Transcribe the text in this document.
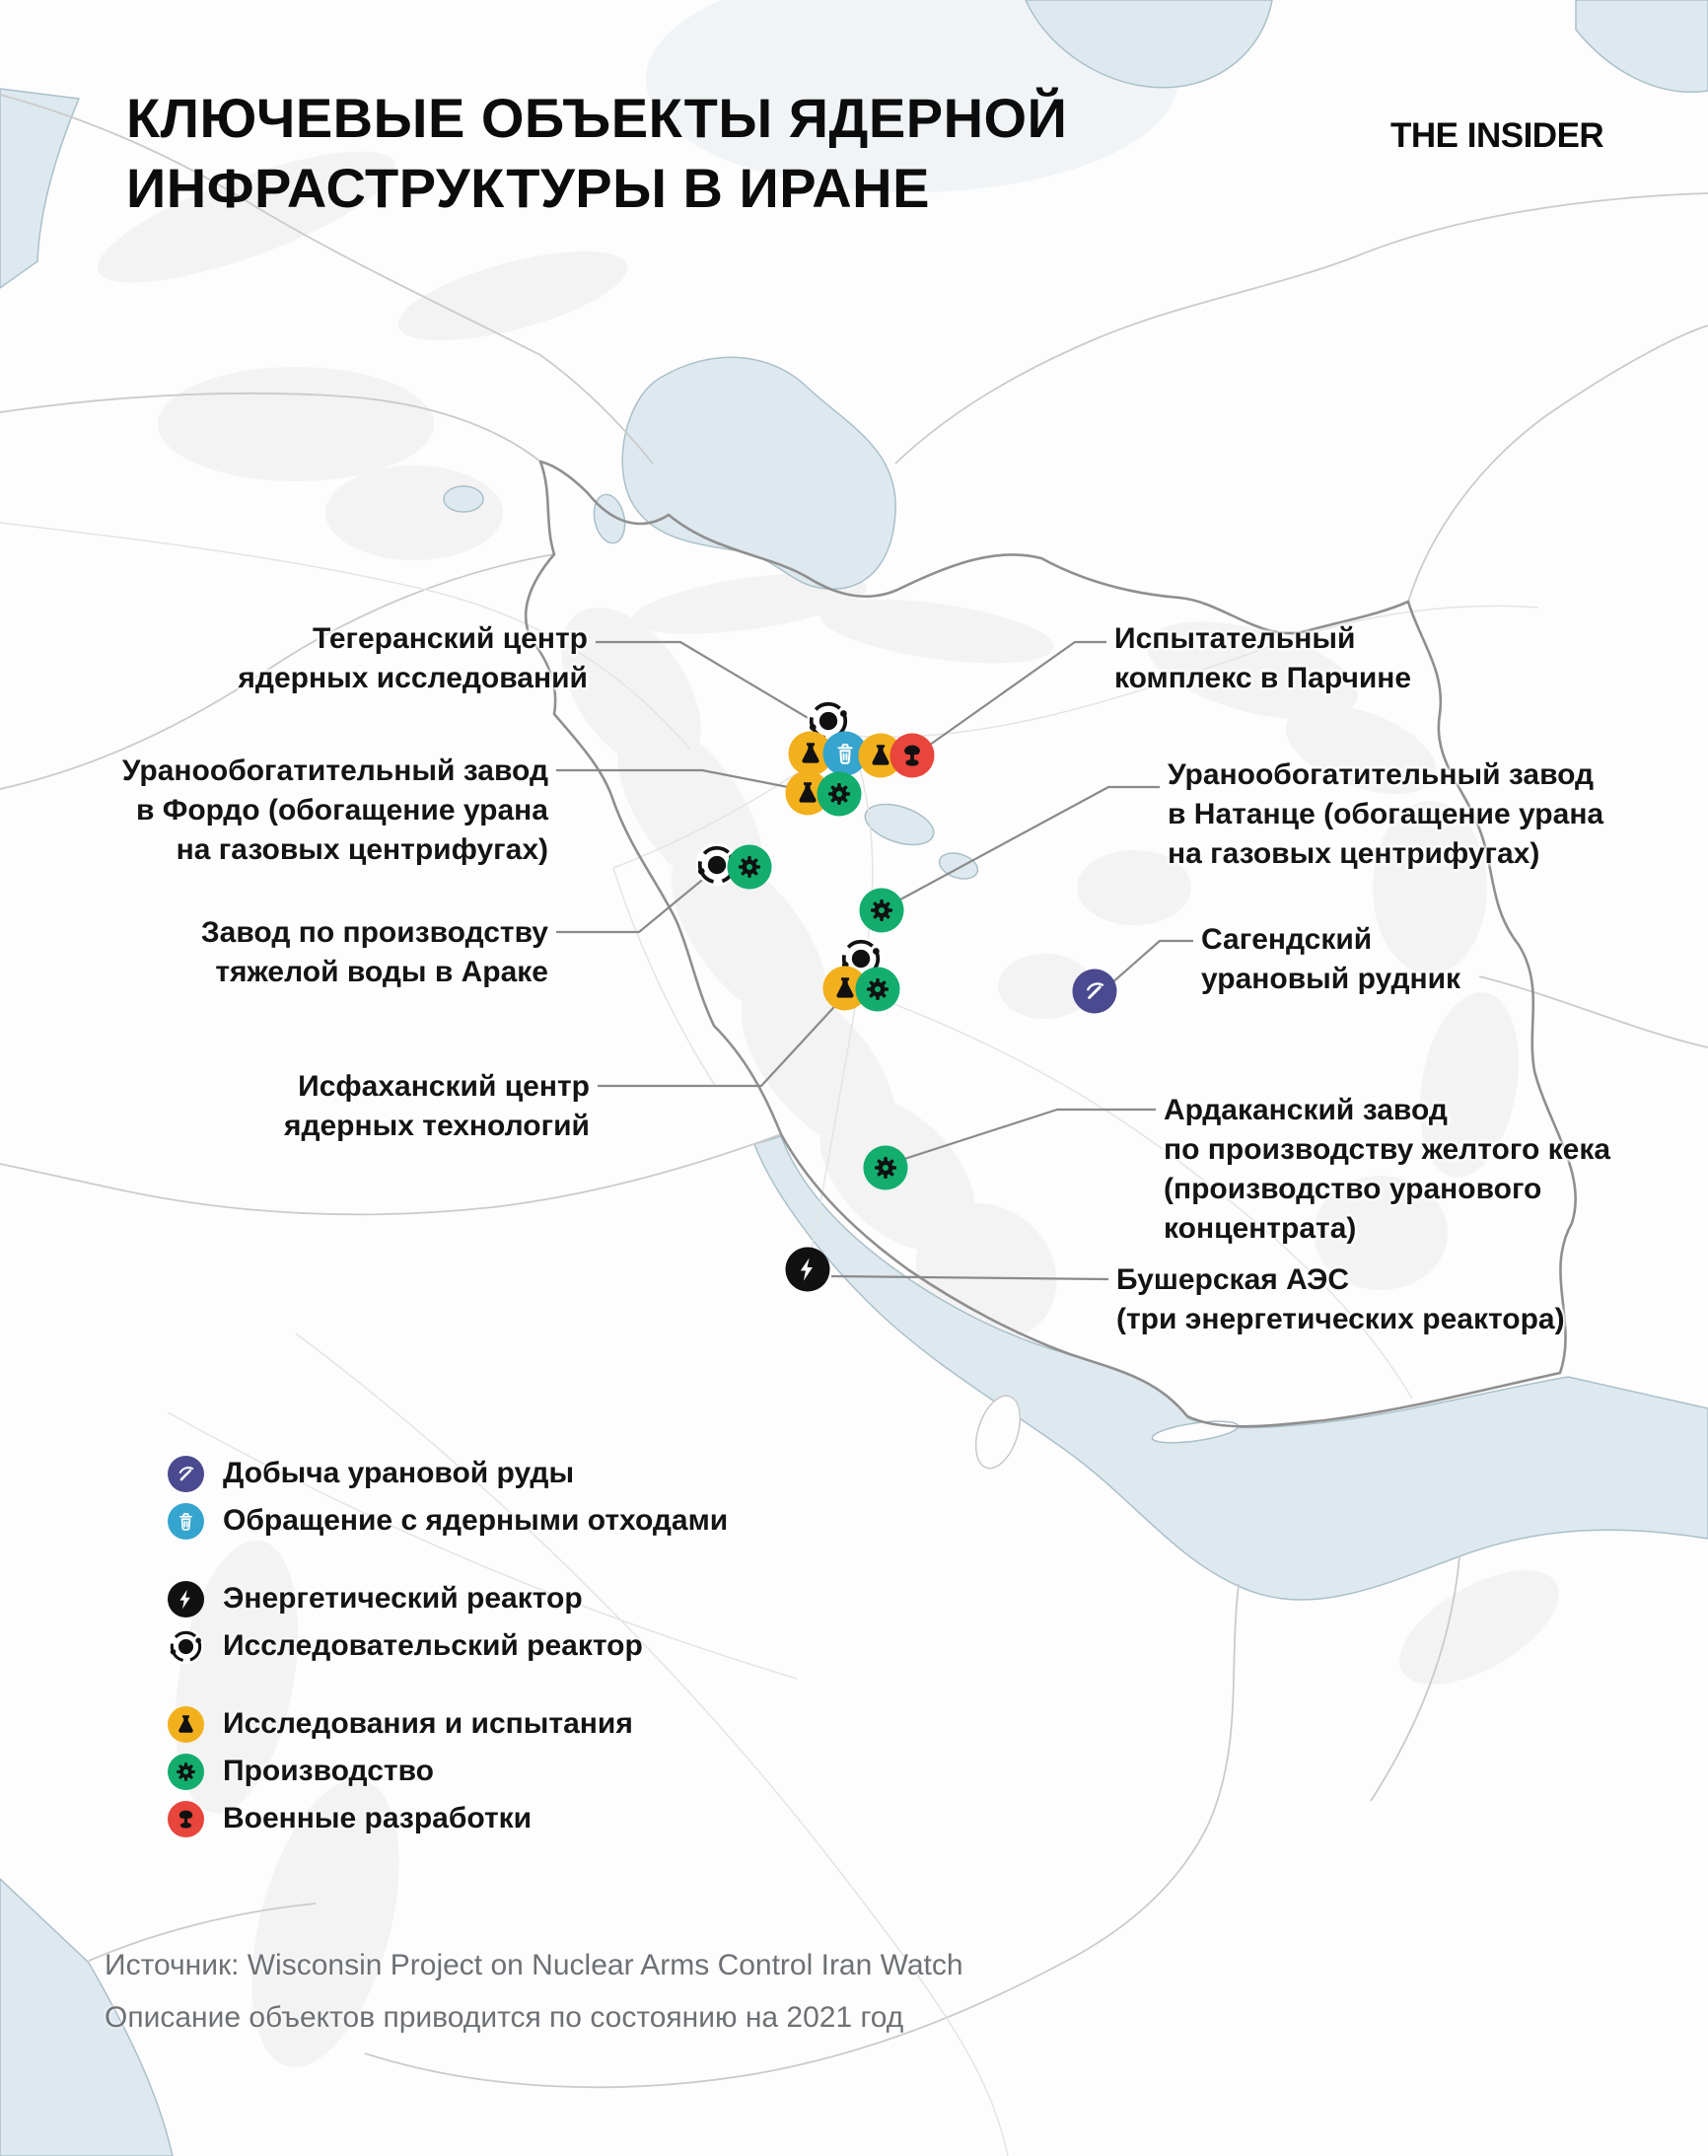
Тегеранский центр
ядерных исследований
Испытательный
комплекс в Парчине
Уранообогатительный завод
в Фордо (обогащение урана
на газовых центрифугах)
Уранообогатительный завод
в Натанце (обогащение урана
на газовых центрифугах)
Завод по производству
тяжелой воды в Араке
Сагендский
урановый рудник
Исфаханский центр
ядерных технологий	Ардаканский завод
по производству желтого кека
(производство уранового
концентрата)
Бушерская АЭС
(три энергетических реактора)
КЛЮЧЕВЫЕ ОБЪЕКТЫ ЯДЕРНОЙ
ИНФРАСТРУКТУРЫ В ИРАНЕ
THE INSIDER
Добыча урановой руды
Обращение с ядерными отходами
Энергетический реактор
Исследовательский реактор
Исследования и испытания
Производство
Военные разработки
Источник: Wisconsin Project on Nuclear Arms Control Iran Watch
Описание объектов приводится по состоянию на 2021 год
